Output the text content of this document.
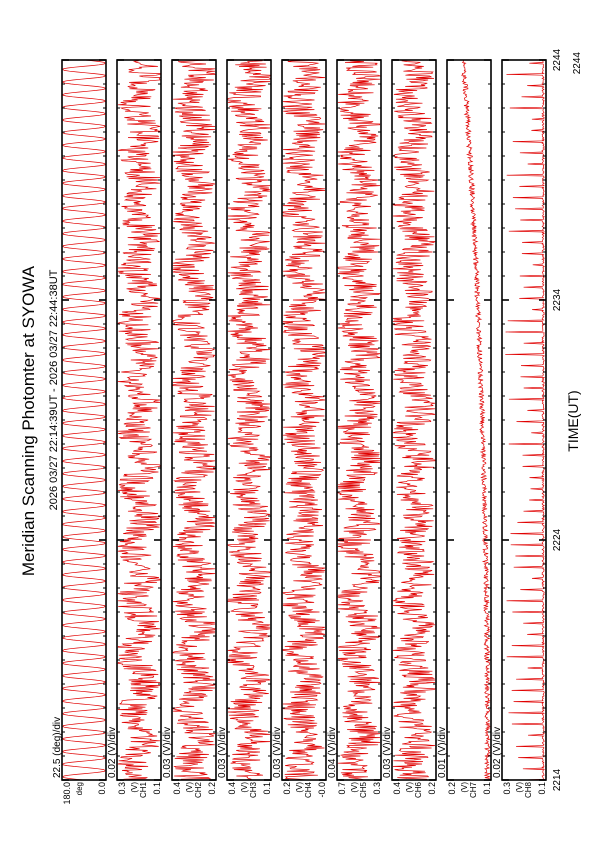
Meridian Scanning Photomter at SYOWA 2026 03/27 22:14:39UT - 2026 03/27 22:44:38UT
2244
TIME(UT)
22.5 (deg)/div
180.0	0.0
deg
0.02 (V)/div
0.3	0.1
(V) CH1
0.03 (V)/div
0.4	0.2
(V) CH2
0.03 (V)/div
0.4	0.1
(V) CH3
0.03 (V)/div
0.2	-0.0
(V) CH4
0.04 (V)/div
0.7	0.3
(V) CH5
0.03 (V)/div
0.4	0.2
(V) CH6
0.01 (V)/div
0.2	0.1
(V) CH7
0.02 (V)/div
0.3	0.1
(V) CH8 2214
2224
2234
2244
